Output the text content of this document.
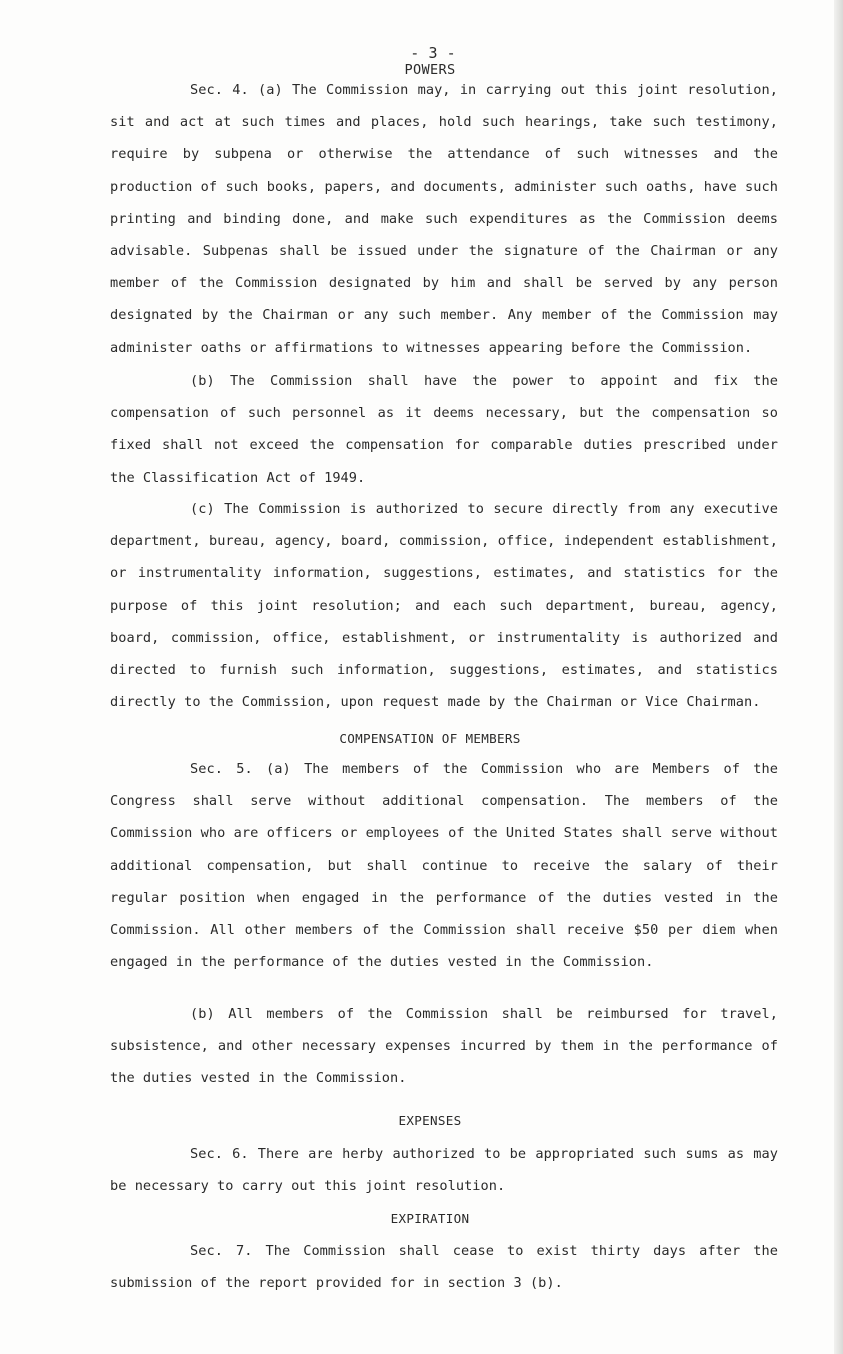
- 3 -
POWERS

Sec. 4. (a) The Commission may, in carrying out this joint resolution, sit and act at such times and places, hold such hearings, take such testimony, require by subpena or otherwise the attendance of such witnesses and the production of such books, papers, and documents, administer such oaths, have such printing and binding done, and make such expenditures as the Commission deems advisable. Subpenas shall be issued under the signature of the Chairman or any member of the Commission designated by him and shall be served by any person designated by the Chairman or any such member. Any member of the Commission may administer oaths or affirmations to witnesses appearing before the Commission.

(b) The Commission shall have the power to appoint and fix the compensation of such personnel as it deems necessary, but the compensation so fixed shall not exceed the compensation for comparable duties prescribed under the Classification Act of 1949.

(c) The Commission is authorized to secure directly from any executive department, bureau, agency, board, commission, office, independent establishment, or instrumentality information, suggestions, estimates, and statistics for the purpose of this joint resolution; and each such department, bureau, agency, board, commission, office, establishment, or instrumentality is authorized and directed to furnish such information, suggestions, estimates, and statistics directly to the Commission, upon request made by the Chairman or Vice Chairman.

COMPENSATION OF MEMBERS

Sec. 5. (a) The members of the Commission who are Members of the Congress shall serve without additional compensation. The members of the Commission who are officers or employees of the United States shall serve without additional compensation, but shall continue to receive the salary of their regular position when engaged in the performance of the duties vested in the Commission. All other members of the Commission shall receive $50 per diem when engaged in the performance of the duties vested in the Commission.

(b) All members of the Commission shall be reimbursed for travel, subsistence, and other necessary expenses incurred by them in the performance of the duties vested in the Commission.

EXPENSES

Sec. 6. There are herby authorized to be appropriated such sums as may be necessary to carry out this joint resolution.

EXPIRATION

Sec. 7. The Commission shall cease to exist thirty days after the submission of the report provided for in section 3 (b).
